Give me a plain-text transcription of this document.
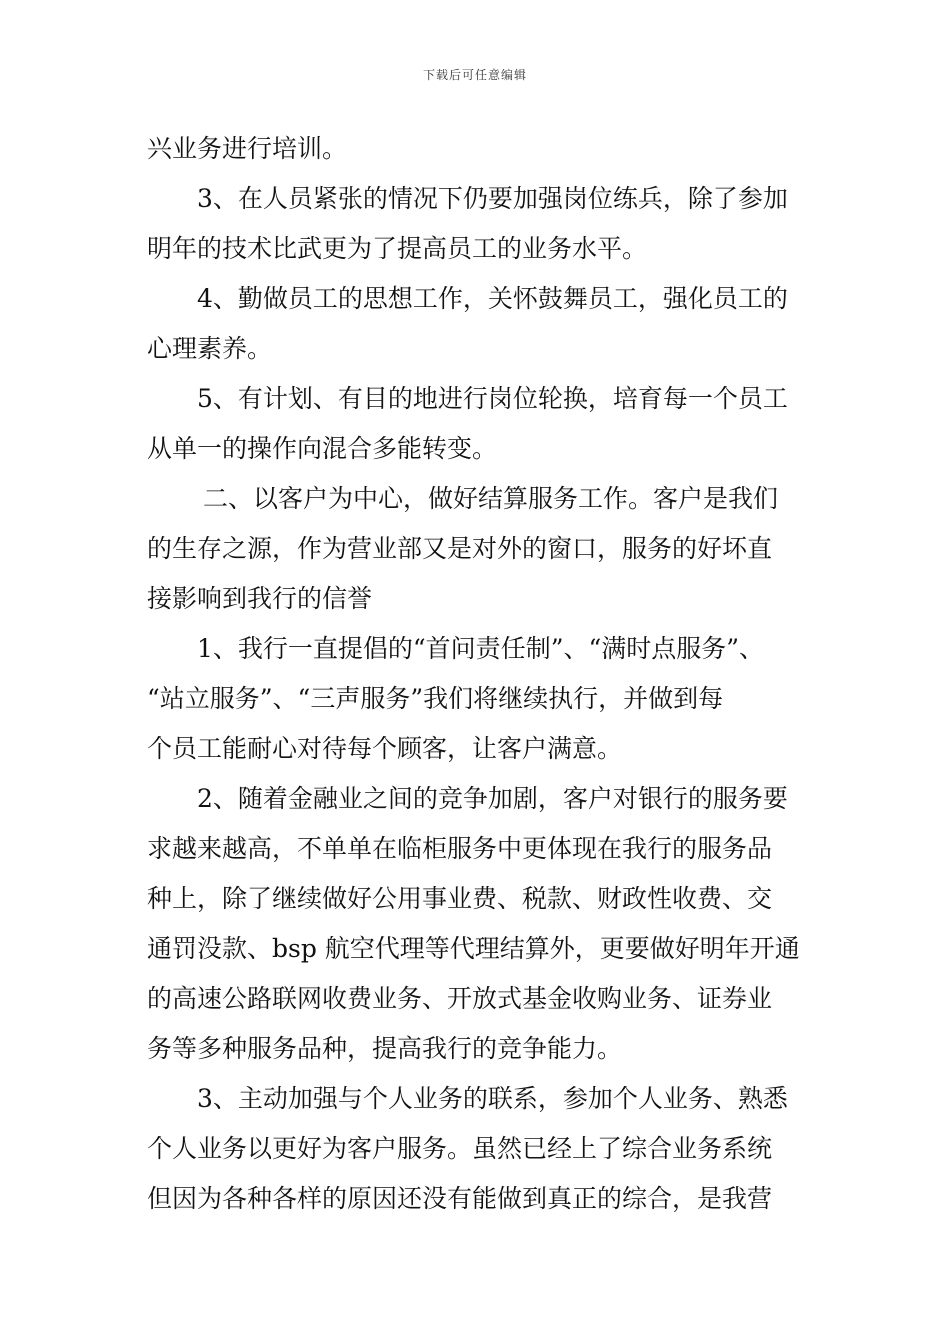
下载后可任意编辑
兴业务进行培训。
3、在人员紧张的情况下仍要加强岗位练兵，除了参加
明年的技术比武更为了提高员工的业务水平。
4、勤做员工的思想工作，关怀鼓舞员工，强化员工的
心理素养。
5、有计划、有目的地进行岗位轮换，培育每一个员工
从单一的操作向混合多能转变。
二、以客户为中心，做好结算服务工作。客户是我们
的生存之源，作为营业部又是对外的窗口，服务的好坏直
接影响到我行的信誉
1、我行一直提倡的“首问责任制”、“满时点服务”、
“站立服务”、“三声服务”我们将继续执行，并做到每
个员工能耐心对待每个顾客，让客户满意。
2、随着金融业之间的竞争加剧，客户对银行的服务要
求越来越高，不单单在临柜服务中更体现在我行的服务品
种上，除了继续做好公用事业费、税款、财政性收费、交
通罚没款、bsp 航空代理等代理结算外，更要做好明年开通
的高速公路联网收费业务、开放式基金收购业务、证券业
务等多种服务品种，提高我行的竞争能力。
3、主动加强与个人业务的联系，参加个人业务、熟悉
个人业务以更好为客户服务。虽然已经上了综合业务系统
但因为各种各样的原因还没有能做到真正的综合，是我营
